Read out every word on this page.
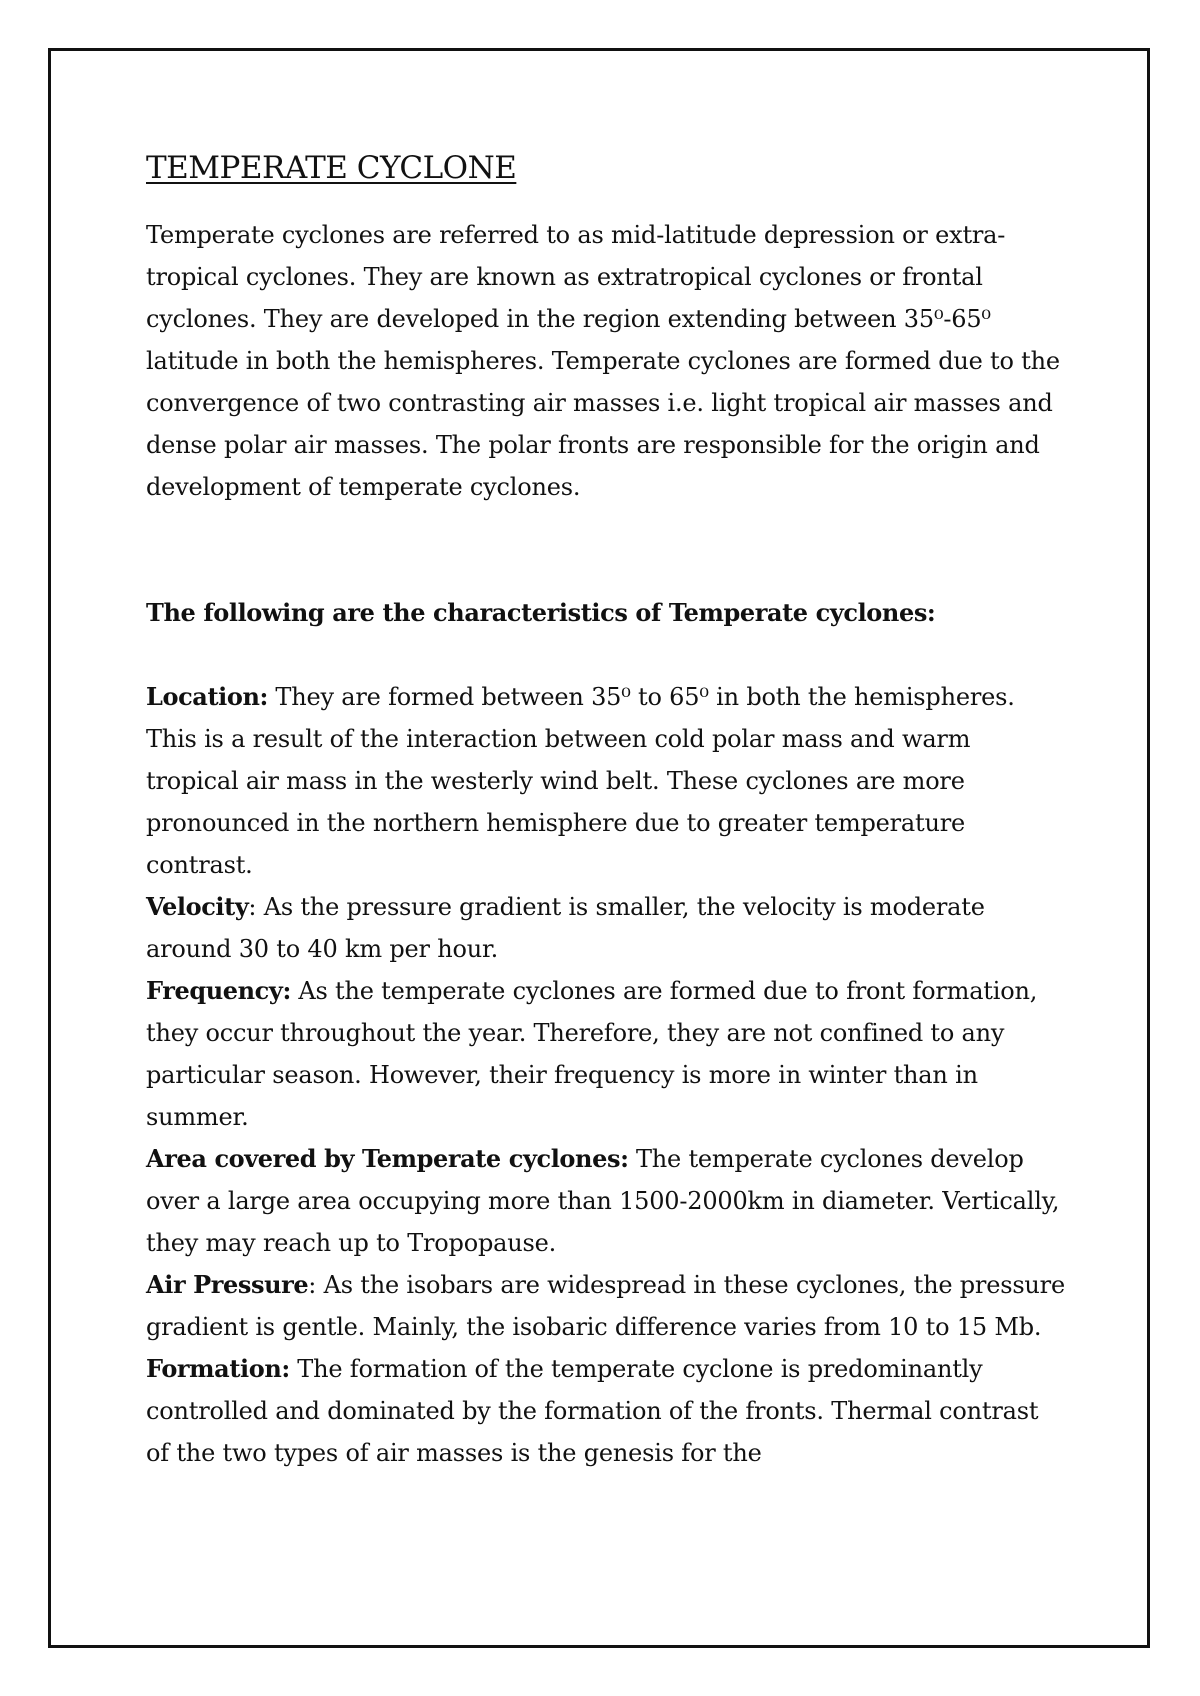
TEMPERATE CYCLONE

Temperate cyclones are referred to as mid-latitude depression or extra-tropical cyclones. They are known as extratropical cyclones or frontal cyclones. They are developed in the region extending between 35⁰-65⁰ latitude in both the hemispheres. Temperate cyclones are formed due to the convergence of two contrasting air masses i.e. light tropical air masses and dense polar air masses. The polar fronts are responsible for the origin and development of temperate cyclones.

The following are the characteristics of Temperate cyclones:

Location: They are formed between 35⁰ to 65⁰ in both the hemispheres. This is a result of the interaction between cold polar mass and warm tropical air mass in the westerly wind belt. These cyclones are more pronounced in the northern hemisphere due to greater temperature contrast.

Velocity: As the pressure gradient is smaller, the velocity is moderate around 30 to 40 km per hour.

Frequency: As the temperate cyclones are formed due to front formation, they occur throughout the year. Therefore, they are not confined to any particular season. However, their frequency is more in winter than in summer.

Area covered by Temperate cyclones: The temperate cyclones develop over a large area occupying more than 1500-2000km in diameter. Vertically, they may reach up to Tropopause.

Air Pressure: As the isobars are widespread in these cyclones, the pressure gradient is gentle. Mainly, the isobaric difference varies from 10 to 15 Mb.

Formation: The formation of the temperate cyclone is predominantly controlled and dominated by the formation of the fronts. Thermal contrast of the two types of air masses is the genesis for the
